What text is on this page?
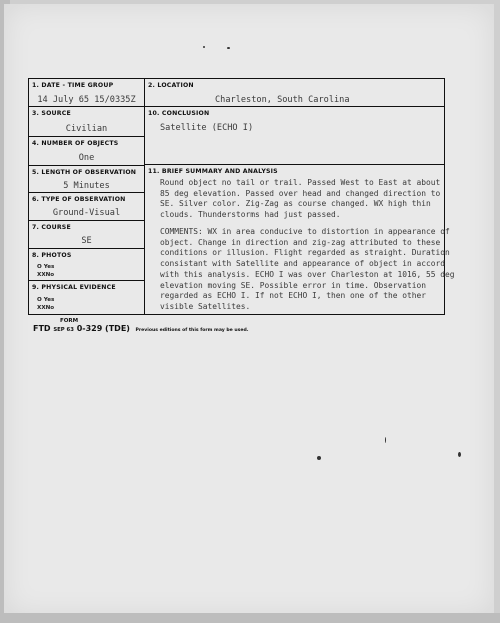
1. DATE - TIME GROUP
14 July 65 15/0335Z
3. SOURCE
Civilian
4. NUMBER OF OBJECTS
One
5. LENGTH OF OBSERVATION
5 Minutes
6. TYPE OF OBSERVATION
Ground-Visual
7. COURSE
SE
8. PHOTOS
O Yes
XXNo
9. PHYSICAL EVIDENCE
O Yes
XXNo
2. LOCATION
Charleston, South Carolina
10. CONCLUSION
Satellite (ECHO I)
11. BRIEF SUMMARY AND ANALYSIS
Round object no tail or trail. Passed West to East at about
85 deg elevation. Passed over head and changed direction to
SE. Silver color. Zig-Zag as course changed. WX high thin
clouds. Thunderstorms had just passed.
COMMENTS: WX in area conducive to distortion in appearance of
object. Change in direction and zig-zag attributed to these
conditions or illusion. Flight regarded as straight. Duration
consistant with Satellite and appearance of object in accord
with this analysis. ECHO I was over Charleston at 1016, 55 deg
elevation moving SE. Possible error in time. Observation
regarded as ECHO I. If not ECHO I, then one of the other
visible Satellites.
FORM
FTD SEP 63 0-329 (TDE) Previous editions of this form may be used.
